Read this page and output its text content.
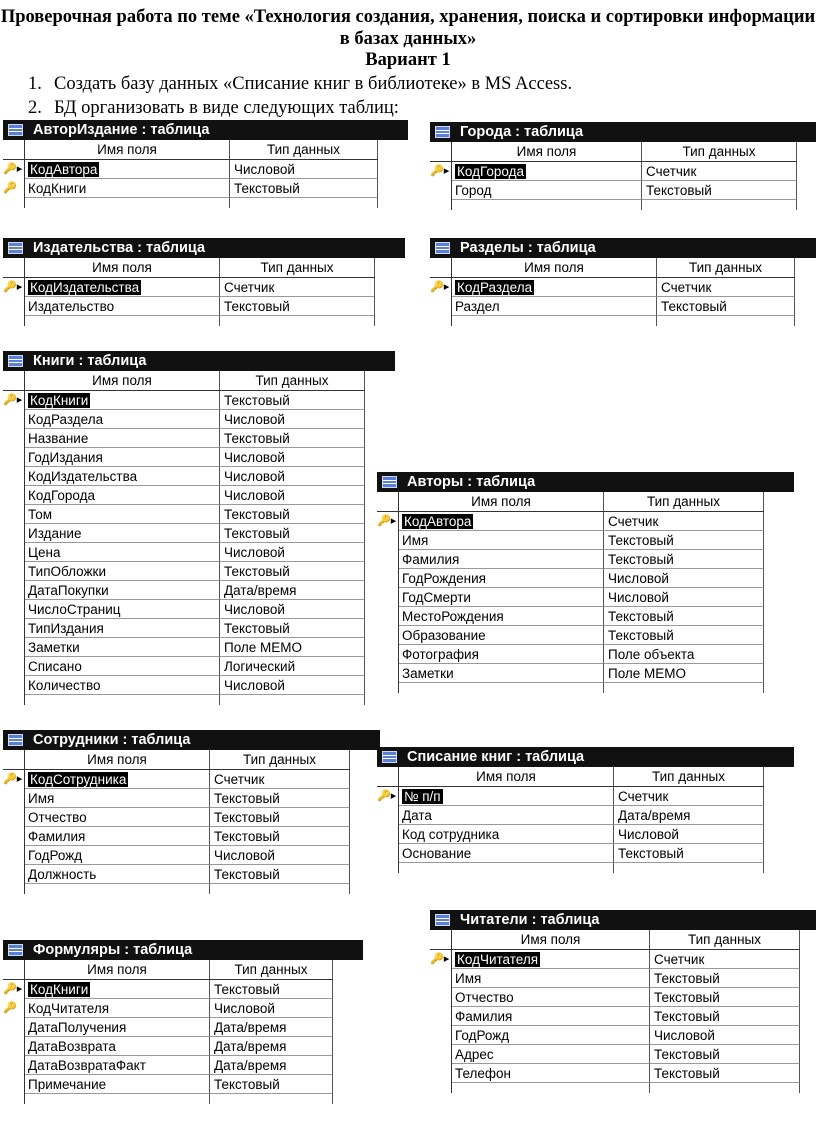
Проверочная работа по теме «Технология создания, хранения, поиска и сортировки информации в базах данных»
Вариант 1
1. Создать базу данных «Списание книг в библиотеке» в MS Access.
2. БД организовать в виде следующих таблиц:
АвторИздание : таблица
Имя поля	Тип данных
🔑▸ КодАвтора	Числовой
🔑 КодКниги	Текстовый
Города : таблица
Имя поля	Тип данных
🔑▸ КодГорода	Счетчик
Город	Текстовый
Издательства : таблица
Имя поля	Тип данных
🔑▸ КодИздательства	Счетчик
Издательство	Текстовый
Разделы : таблица
Имя поля	Тип данных
🔑▸ КодРаздела	Счетчик
Раздел	Текстовый
Книги : таблица
Имя поля	Тип данных
🔑▸ КодКниги	Текстовый
КодРаздела	Числовой
Название	Текстовый
ГодИздания	Числовой
КодИздательства	Числовой
КодГорода	Числовой
Том	Текстовый
Издание	Текстовый
Цена	Числовой
ТипОбложки	Текстовый
ДатаПокупки	Дата/время
ЧислоСтраниц	Числовой
ТипИздания	Текстовый
Заметки	Поле MEMO
Списано	Логический
Количество	Числовой
Авторы : таблица
Имя поля	Тип данных
🔑▸ КодАвтора	Счетчик
Имя	Текстовый
Фамилия	Текстовый
ГодРождения	Числовой
ГодСмерти	Числовой
МестоРождения	Текстовый
Образование	Текстовый
Фотография	Поле объекта
Заметки	Поле MEMO
Сотрудники : таблица
Имя поля	Тип данных
🔑▸ КодСотрудника	Счетчик
Имя	Текстовый
Отчество	Текстовый
Фамилия	Текстовый
ГодРожд	Числовой
Должность	Текстовый
Списание книг : таблица
Имя поля	Тип данных
🔑▸ № п/п	Счетчик
Дата	Дата/время
Код сотрудника	Числовой
Основание	Текстовый
Читатели : таблица
Имя поля	Тип данных
🔑▸ КодЧитателя	Счетчик
Имя	Текстовый
Отчество	Текстовый
Фамилия	Текстовый
ГодРожд	Числовой
Адрес	Текстовый
Телефон	Текстовый
Формуляры : таблица
Имя поля	Тип данных
🔑▸ КодКниги	Текстовый
🔑 КодЧитателя	Числовой
ДатаПолучения	Дата/время
ДатаВозврата	Дата/время
ДатаВозвратаФакт	Дата/время
Примечание	Текстовый
